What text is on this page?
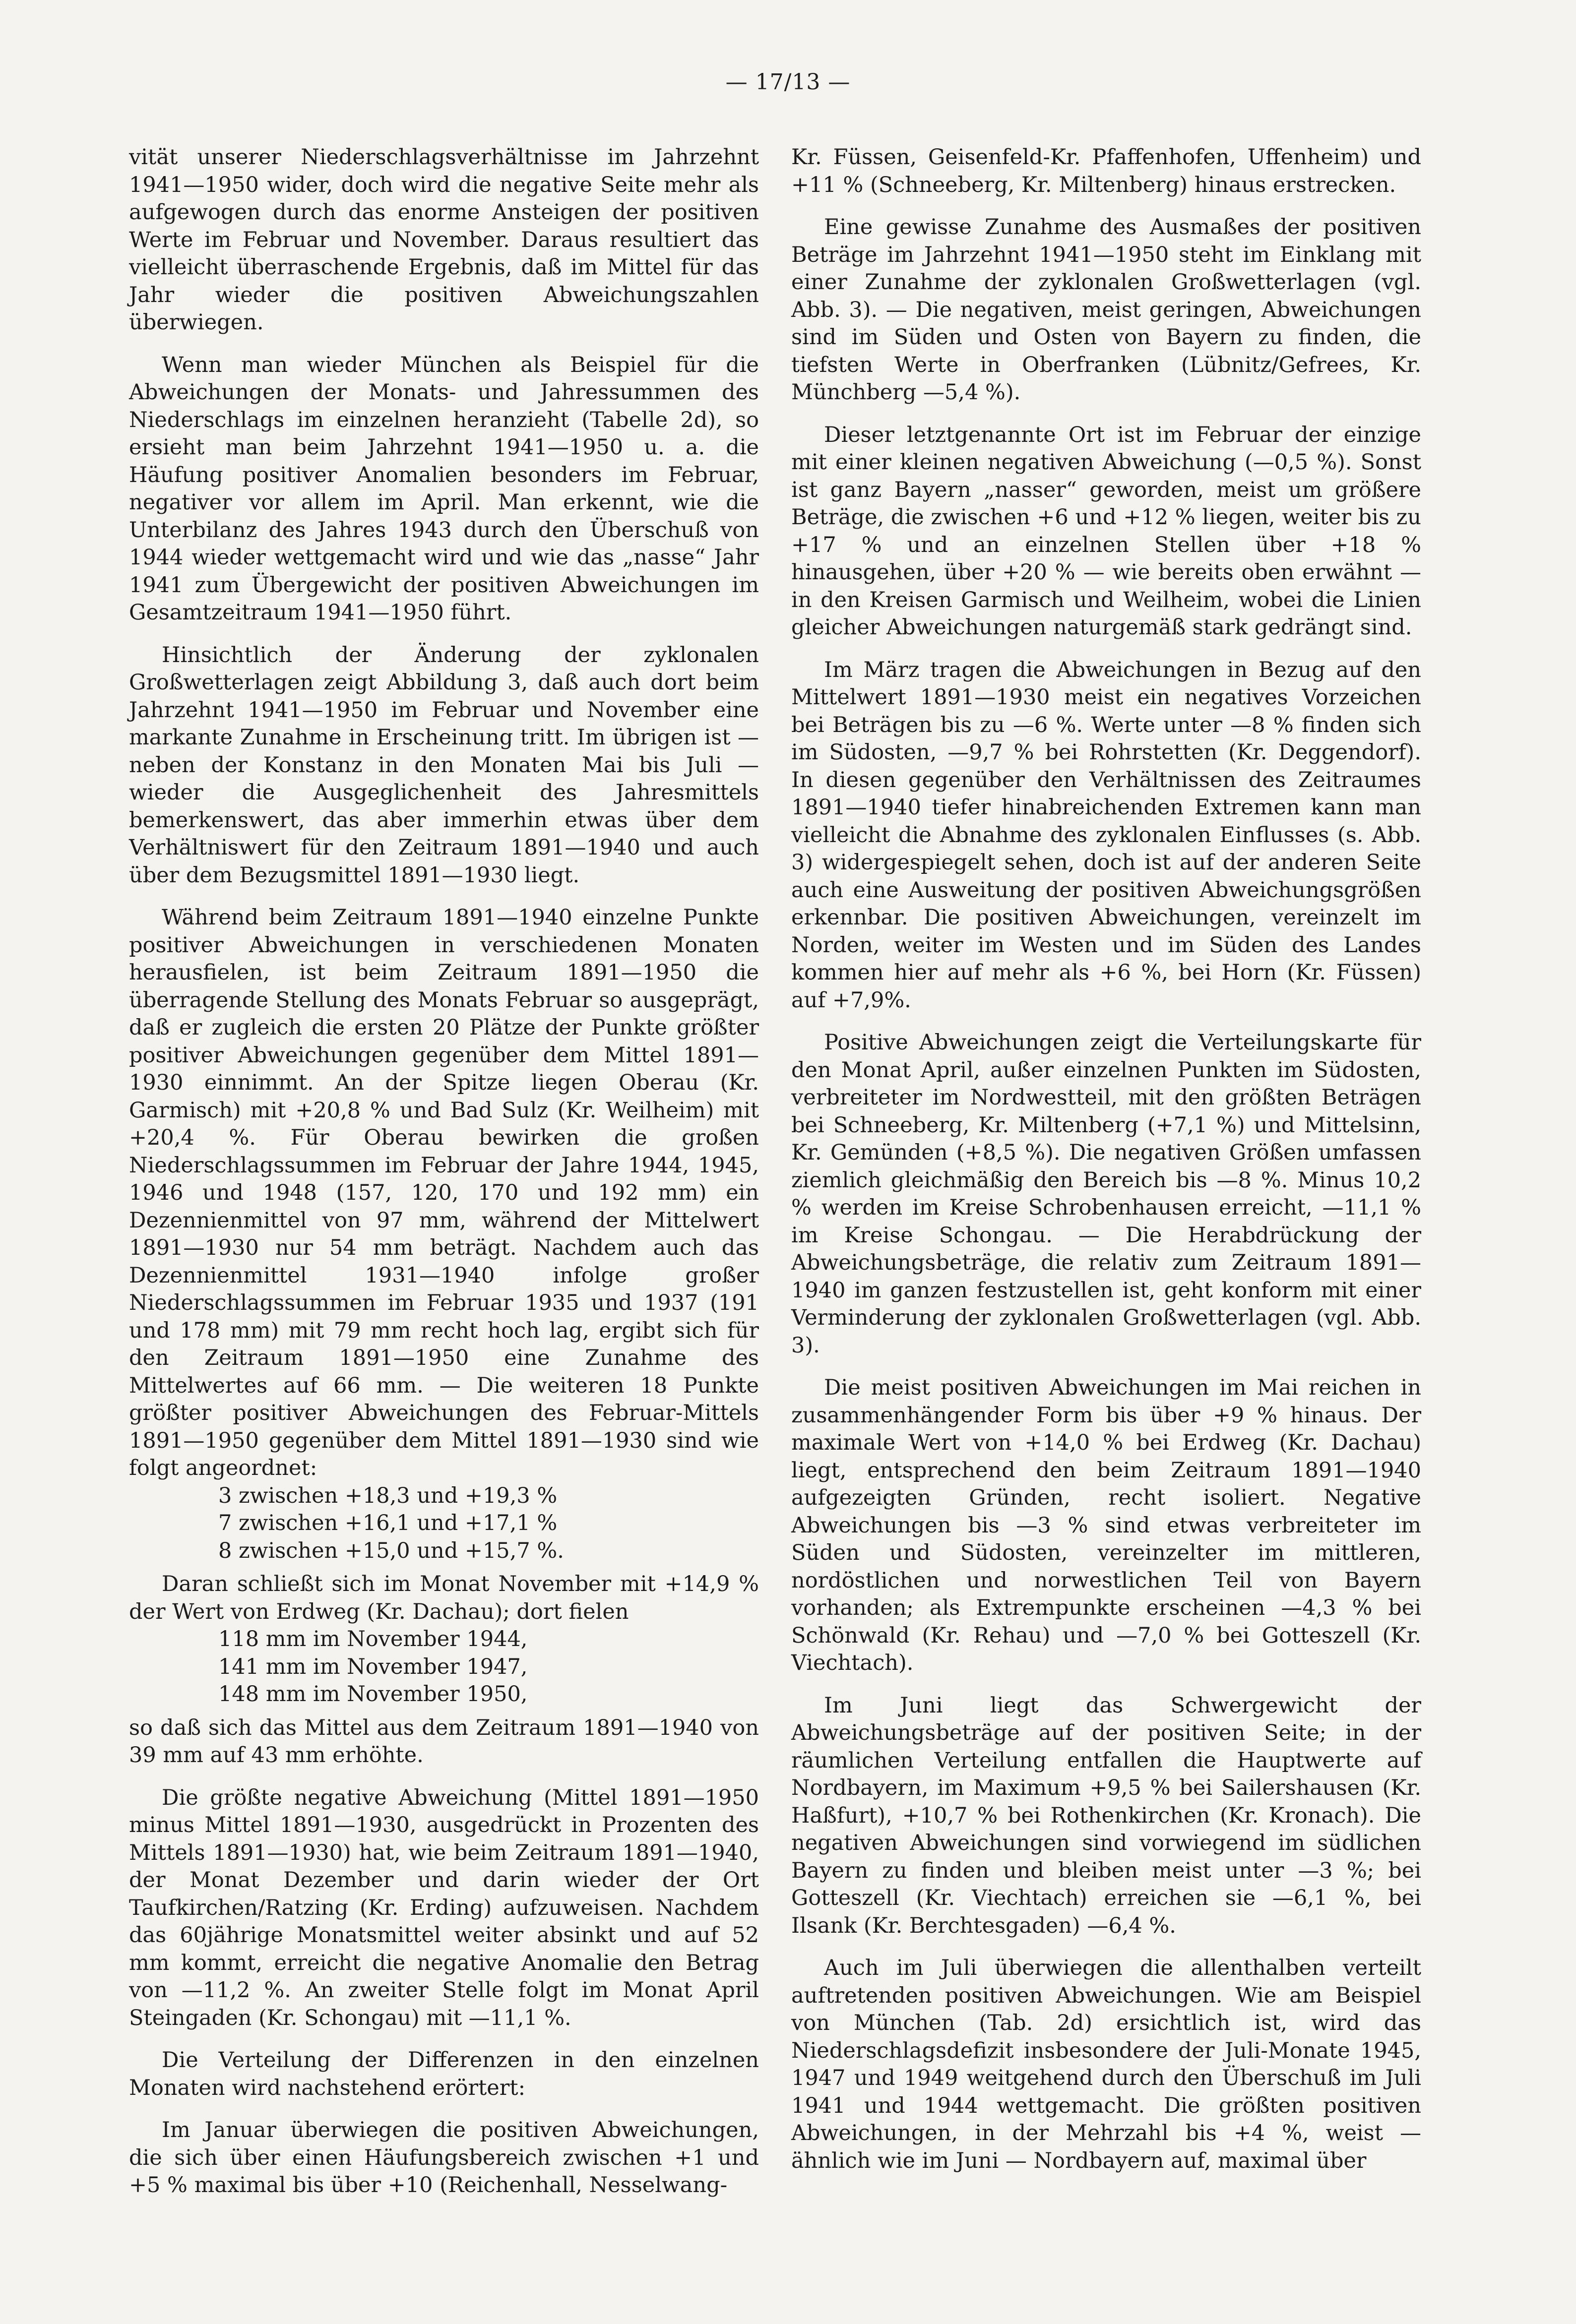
— 17/13 —

vität unserer Niederschlagsverhältnisse im Jahrzehnt 1941—1950 wider, doch wird die negative Seite mehr als aufgewogen durch das enorme Ansteigen der positiven Werte im Februar und November. Daraus resultiert das vielleicht überraschende Ergebnis, daß im Mittel für das Jahr wieder die positiven Abweichungszahlen überwiegen.

Wenn man wieder München als Beispiel für die Abweichungen der Monats- und Jahressummen des Niederschlags im einzelnen heranzieht (Tabelle 2d), so ersieht man beim Jahrzehnt 1941—1950 u. a. die Häufung positiver Anomalien besonders im Februar, negativer vor allem im April. Man erkennt, wie die Unterbilanz des Jahres 1943 durch den Überschuß von 1944 wieder wettgemacht wird und wie das „nasse“ Jahr 1941 zum Übergewicht der positiven Abweichungen im Gesamtzeitraum 1941—1950 führt.

Hinsichtlich der Änderung der zyklonalen Großwetterlagen zeigt Abbildung 3, daß auch dort beim Jahrzehnt 1941—1950 im Februar und November eine markante Zunahme in Erscheinung tritt. Im übrigen ist — neben der Konstanz in den Monaten Mai bis Juli — wieder die Ausgeglichenheit des Jahresmittels bemerkenswert, das aber immerhin etwas über dem Verhältniswert für den Zeitraum 1891—1940 und auch über dem Bezugsmittel 1891—1930 liegt.

Während beim Zeitraum 1891—1940 einzelne Punkte positiver Abweichungen in verschiedenen Monaten herausfielen, ist beim Zeitraum 1891—1950 die überragende Stellung des Monats Februar so ausgeprägt, daß er zugleich die ersten 20 Plätze der Punkte größter positiver Abweichungen gegenüber dem Mittel 1891—1930 einnimmt. An der Spitze liegen Oberau (Kr. Garmisch) mit +20,8 % und Bad Sulz (Kr. Weilheim) mit +20,4 %. Für Oberau bewirken die großen Niederschlagssummen im Februar der Jahre 1944, 1945, 1946 und 1948 (157, 120, 170 und 192 mm) ein Dezennienmittel von 97 mm, während der Mittelwert 1891—1930 nur 54 mm beträgt. Nachdem auch das Dezennienmittel 1931—1940 infolge großer Niederschlagssummen im Februar 1935 und 1937 (191 und 178 mm) mit 79 mm recht hoch lag, ergibt sich für den Zeitraum 1891—1950 eine Zunahme des Mittelwertes auf 66 mm. — Die weiteren 18 Punkte größter positiver Abweichungen des Februar-Mittels 1891—1950 gegenüber dem Mittel 1891—1930 sind wie folgt angeordnet:

3 zwischen +18,3 und +19,3 %
7 zwischen +16,1 und +17,1 %
8 zwischen +15,0 und +15,7 %.

Daran schließt sich im Monat November mit +14,9 % der Wert von Erdweg (Kr. Dachau); dort fielen

118 mm im November 1944,
141 mm im November 1947,
148 mm im November 1950,

so daß sich das Mittel aus dem Zeitraum 1891—1940 von 39 mm auf 43 mm erhöhte.

Die größte negative Abweichung (Mittel 1891—1950 minus Mittel 1891—1930, ausgedrückt in Prozenten des Mittels 1891—1930) hat, wie beim Zeitraum 1891—1940, der Monat Dezember und darin wieder der Ort Taufkirchen/Ratzing (Kr. Erding) aufzuweisen. Nachdem das 60jährige Monatsmittel weiter absinkt und auf 52 mm kommt, erreicht die negative Anomalie den Betrag von —11,2 %. An zweiter Stelle folgt im Monat April Steingaden (Kr. Schongau) mit —11,1 %.

Die Verteilung der Differenzen in den einzelnen Monaten wird nachstehend erörtert:

Im Januar überwiegen die positiven Abweichungen, die sich über einen Häufungsbereich zwischen +1 und +5 % maximal bis über +10 (Reichenhall, Nesselwang-

Kr. Füssen, Geisenfeld-Kr. Pfaffenhofen, Uffenheim) und +11 % (Schneeberg, Kr. Miltenberg) hinaus erstrecken.

Eine gewisse Zunahme des Ausmaßes der positiven Beträge im Jahrzehnt 1941—1950 steht im Einklang mit einer Zunahme der zyklonalen Großwetterlagen (vgl. Abb. 3). — Die negativen, meist geringen, Abweichungen sind im Süden und Osten von Bayern zu finden, die tiefsten Werte in Oberfranken (Lübnitz/Gefrees, Kr. Münchberg —5,4 %).

Dieser letztgenannte Ort ist im Februar der einzige mit einer kleinen negativen Abweichung (—0,5 %). Sonst ist ganz Bayern „nasser“ geworden, meist um größere Beträge, die zwischen +6 und +12 % liegen, weiter bis zu +17 % und an einzelnen Stellen über +18 % hinausgehen, über +20 % — wie bereits oben erwähnt — in den Kreisen Garmisch und Weilheim, wobei die Linien gleicher Abweichungen naturgemäß stark gedrängt sind.

Im März tragen die Abweichungen in Bezug auf den Mittelwert 1891—1930 meist ein negatives Vorzeichen bei Beträgen bis zu —6 %. Werte unter —8 % finden sich im Südosten, —9,7 % bei Rohrstetten (Kr. Deggendorf). In diesen gegenüber den Verhältnissen des Zeitraumes 1891—1940 tiefer hinabreichenden Extremen kann man vielleicht die Abnahme des zyklonalen Einflusses (s. Abb. 3) widergespiegelt sehen, doch ist auf der anderen Seite auch eine Ausweitung der positiven Abweichungsgrößen erkennbar. Die positiven Abweichungen, vereinzelt im Norden, weiter im Westen und im Süden des Landes kommen hier auf mehr als +6 %, bei Horn (Kr. Füssen) auf +7,9%.

Positive Abweichungen zeigt die Verteilungskarte für den Monat April, außer einzelnen Punkten im Südosten, verbreiteter im Nordwestteil, mit den größten Beträgen bei Schneeberg, Kr. Miltenberg (+7,1 %) und Mittelsinn, Kr. Gemünden (+8,5 %). Die negativen Größen umfassen ziemlich gleichmäßig den Bereich bis —8 %. Minus 10,2 % werden im Kreise Schrobenhausen erreicht, —11,1 % im Kreise Schongau. — Die Herabdrückung der Abweichungsbeträge, die relativ zum Zeitraum 1891—1940 im ganzen festzustellen ist, geht konform mit einer Verminderung der zyklonalen Großwetterlagen (vgl. Abb. 3).

Die meist positiven Abweichungen im Mai reichen in zusammenhängender Form bis über +9 % hinaus. Der maximale Wert von +14,0 % bei Erdweg (Kr. Dachau) liegt, entsprechend den beim Zeitraum 1891—1940 aufgezeigten Gründen, recht isoliert. Negative Abweichungen bis —3 % sind etwas verbreiteter im Süden und Südosten, vereinzelter im mittleren, nordöstlichen und norwestlichen Teil von Bayern vorhanden; als Extrempunkte erscheinen —4,3 % bei Schönwald (Kr. Rehau) und —7,0 % bei Gotteszell (Kr. Viechtach).

Im Juni liegt das Schwergewicht der Abweichungsbeträge auf der positiven Seite; in der räumlichen Verteilung entfallen die Hauptwerte auf Nordbayern, im Maximum +9,5 % bei Sailershausen (Kr. Haßfurt), +10,7 % bei Rothenkirchen (Kr. Kronach). Die negativen Abweichungen sind vorwiegend im südlichen Bayern zu finden und bleiben meist unter —3 %; bei Gotteszell (Kr. Viechtach) erreichen sie —6,1 %, bei Ilsank (Kr. Berchtesgaden) —6,4 %.

Auch im Juli überwiegen die allenthalben verteilt auftretenden positiven Abweichungen. Wie am Beispiel von München (Tab. 2d) ersichtlich ist, wird das Niederschlagsdefizit insbesondere der Juli-Monate 1945, 1947 und 1949 weitgehend durch den Überschuß im Juli 1941 und 1944 wettgemacht. Die größten positiven Abweichungen, in der Mehrzahl bis +4 %, weist — ähnlich wie im Juni — Nordbayern auf, maximal über
